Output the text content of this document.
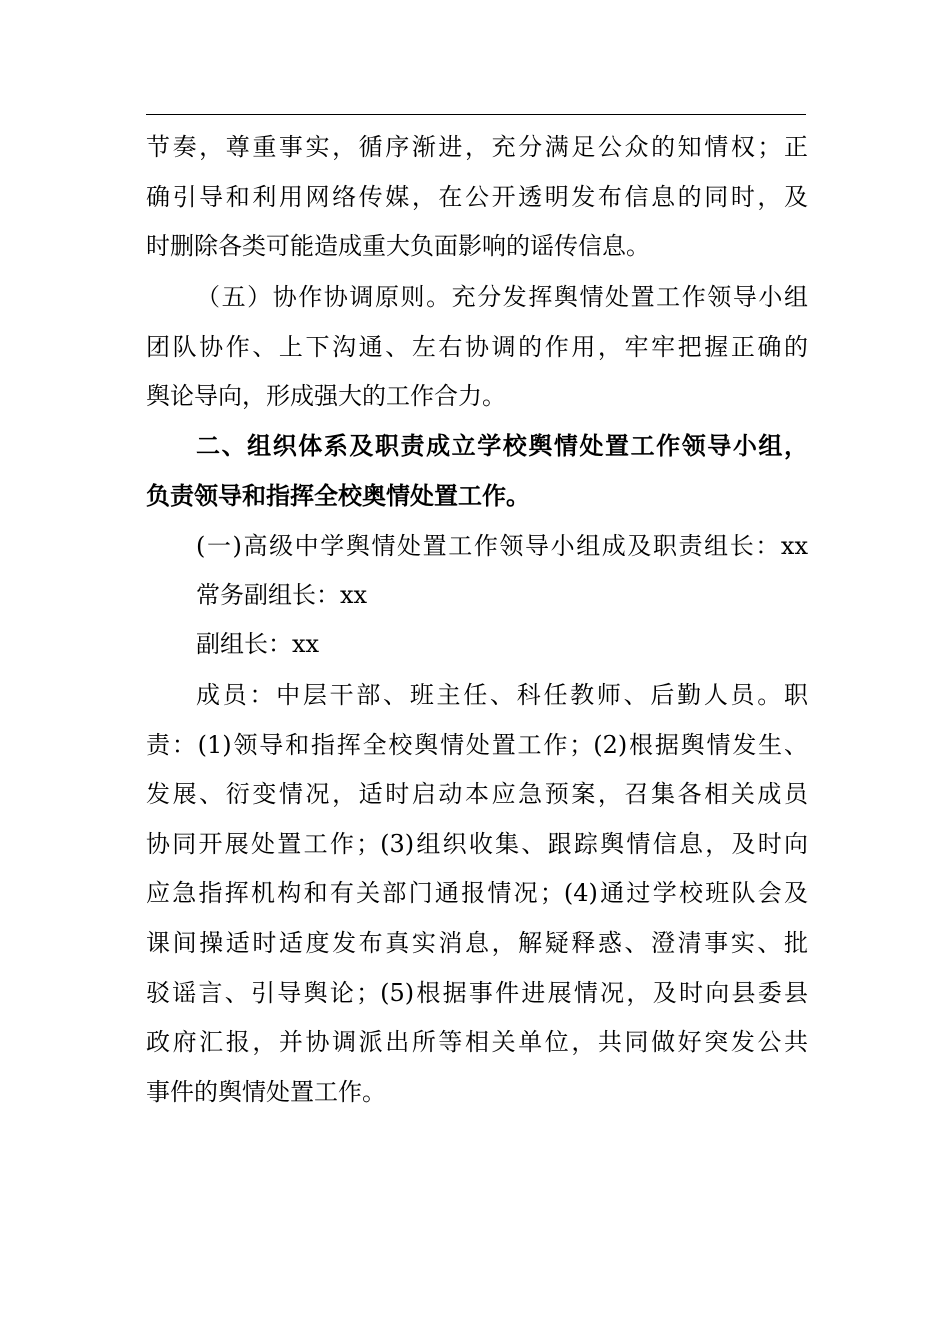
节奏，尊重事实，循序渐进，充分满足公众的知情权；正
确引导和利用网络传媒，在公开透明发布信息的同时，及
时删除各类可能造成重大负面影响的谣传信息。
（五）协作协调原则。充分发挥舆情处置工作领导小组
团队协作、上下沟通、左右协调的作用，牢牢把握正确的
舆论导向，形成强大的工作合力。
二、组织体系及职责成立学校舆情处置工作领导小组，
负责领导和指挥全校奥情处置工作。
(一)高级中学舆情处置工作领导小组成及职责组长：xx
常务副组长：xx
副组长：xx
成员：中层干部、班主任、科任教师、后勤人员。职
责：(1)领导和指挥全校舆情处置工作；(2)根据舆情发生、
发展、衍变情况，适时启动本应急预案，召集各相关成员
协同开展处置工作；(3)组织收集、跟踪舆情信息，及时向
应急指挥机构和有关部门通报情况；(4)通过学校班队会及
课间操适时适度发布真实消息，解疑释惑、澄清事实、批
驳谣言、引导舆论；(5)根据事件进展情况，及时向县委县
政府汇报，并协调派出所等相关单位，共同做好突发公共
事件的舆情处置工作。
